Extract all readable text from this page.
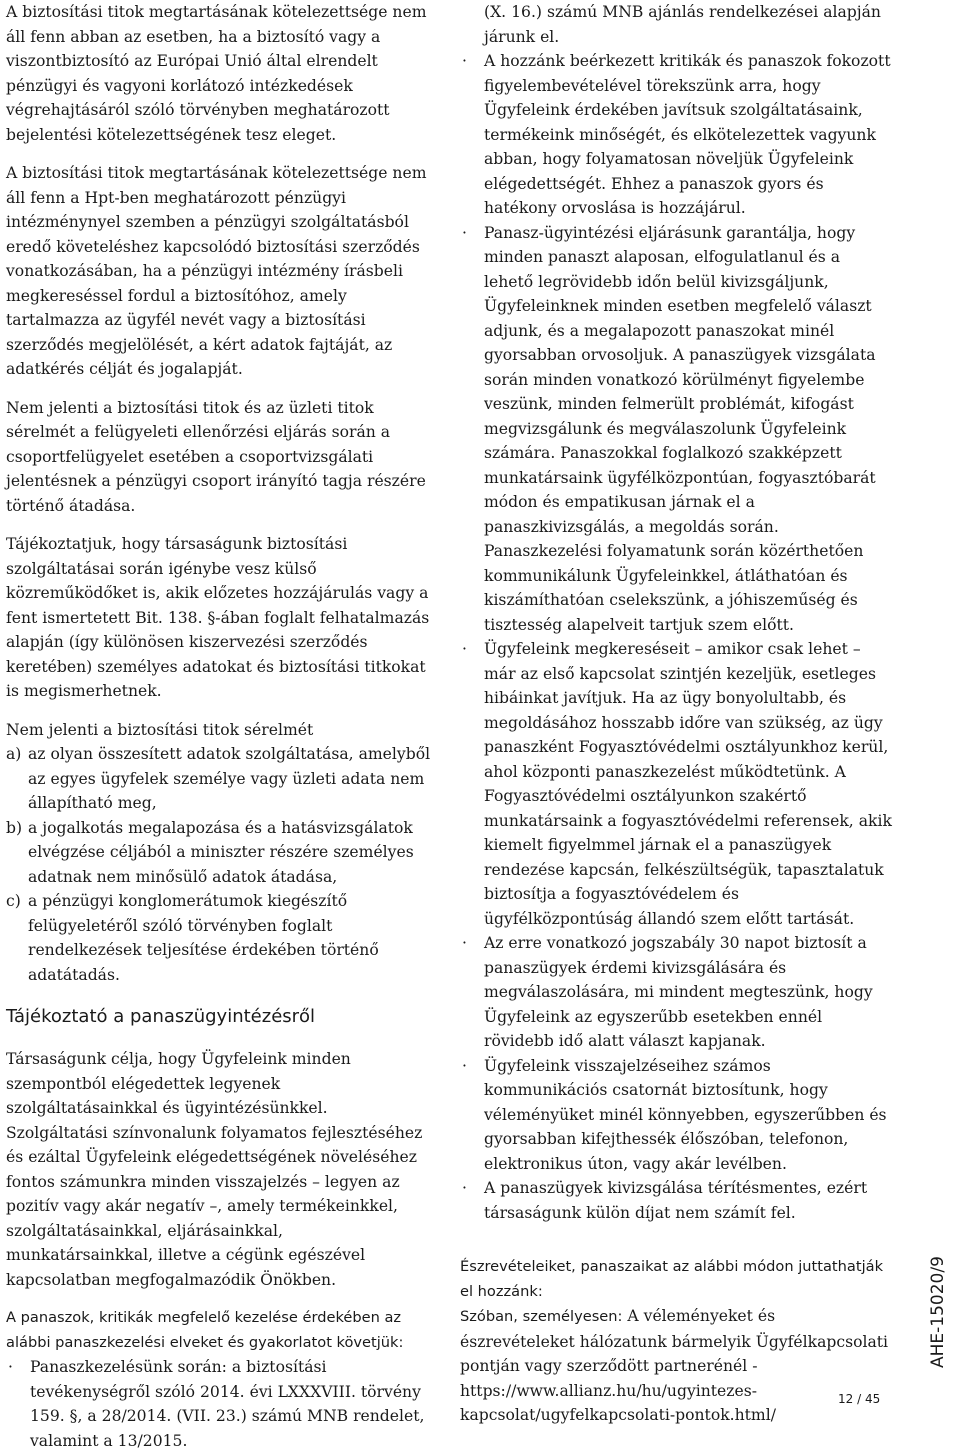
A biztosítási titok megtartásának kötelezettsége nem áll fenn abban az esetben, ha a biztosító vagy a viszontbiztosító az Európai Unió által elrendelt pénzügyi és vagyoni korlátozó intézkedések végrehajtásáról szóló törvényben meghatározott bejelentési kötelezettségének tesz eleget.

A biztosítási titok megtartásának kötelezettsége nem áll fenn a Hpt-ben meghatározott pénzügyi intézménynyel szemben a pénzügyi szolgáltatásból eredő követeléshez kapcsolódó biztosítási szerződés vonatkozásában, ha a pénzügyi intézmény írásbeli megkereséssel fordul a biztosítóhoz, amely tartalmazza az ügyfél nevét vagy a biztosítási szerződés megjelölését, a kért adatok fajtáját, az adatkérés célját és jogalapját.

Nem jelenti a biztosítási titok és az üzleti titok sérelmét a felügyeleti ellenőrzési eljárás során a csoportfelügyelet esetében a csoportvizsgálati jelentésnek a pénzügyi csoport irányító tagja részére történő átadása.

Tájékoztatjuk, hogy társaságunk biztosítási szolgáltatásai során igénybe vesz külső közreműködőket is, akik előzetes hozzájárulás vagy a fent ismertetett Bit. 138. §-ában foglalt felhatalmazás alapján (így különösen kiszervezési szerződés keretében) személyes adatokat és biztosítási titkokat is megismerhetnek.

Nem jelenti a biztosítási titok sérelmét
a) az olyan összesített adatok szolgáltatása, amelyből az egyes ügyfelek személye vagy üzleti adata nem állapítható meg,
b) a jogalkotás megalapozása és a hatásvizsgálatok elvégzése céljából a miniszter részére személyes adatnak nem minősülő adatok átadása,
c) a pénzügyi konglomerátumok kiegészítő felügyeletéről szóló törvényben foglalt rendelkezések teljesítése érdekében történő adatátadás.
Tájékoztató a panaszügyintézésről

Társaságunk célja, hogy Ügyfeleink minden szempontból elégedettek legyenek szolgáltatásainkkal és ügyintézésünkkel. Szolgáltatási színvonalunk folyamatos fejlesztéséhez és ezáltal Ügyfeleink elégedettségének növeléséhez fontos számunkra minden visszajelzés – legyen az pozitív vagy akár negatív –, amely termékeinkkel, szolgáltatásainkkal, eljárásainkkal, munkatársainkkal, illetve a cégünk egészével kapcsolatban megfogalmazódik Önökben.

A panaszok, kritikák megfelelő kezelése érdekében az alábbi panaszkezelési elveket és gyakorlatot követjük:
· Panaszkezelésünk során: a biztosítási tevékenységről szóló 2014. évi LXXXVIII. törvény 159. §, a 28/2014. (VII. 23.) számú MNB rendelet, valamint a 13/2015.
(X. 16.) számú MNB ajánlás rendelkezései alapján járunk el.
· A hozzánk beérkezett kritikák és panaszok fokozott figyelembevételével törekszünk arra, hogy Ügyfeleink érdekében javítsuk szolgáltatásaink, termékeink minőségét, és elkötelezettek vagyunk abban, hogy folyamatosan növeljük Ügyfeleink elégedettségét. Ehhez a panaszok gyors és hatékony orvoslása is hozzájárul.
· Panasz-ügyintézési eljárásunk garantálja, hogy minden panaszt alaposan, elfogulatlanul és a lehető legrövidebb időn belül kivizsgáljunk, Ügyfeleinknek minden esetben megfelelő választ adjunk, és a megalapozott panaszokat minél gyorsabban orvosoljuk. A panaszügyek vizsgálata során minden vonatkozó körülményt figyelembe veszünk, minden felmerült problémát, kifogást megvizsgálunk és megválaszolunk Ügyfeleink számára. Panaszokkal foglalkozó szakképzett munkatársaink ügyfélközpontúan, fogyasztóbarát módon és empatikusan járnak el a panaszkivizsgálás, a megoldás során. Panaszkezelési folyamatunk során közérthetően kommunikálunk Ügyfeleinkkel, átláthatóan és kiszámíthatóan cselekszünk, a jóhiszeműség és tisztesség alapelveit tartjuk szem előtt.
· Ügyfeleink megkereséseit – amikor csak lehet – már az első kapcsolat szintjén kezeljük, esetleges hibáinkat javítjuk. Ha az ügy bonyolultabb, és megoldásához hosszabb időre van szükség, az ügy panaszként Fogyasztóvédelmi osztályunkhoz kerül, ahol központi panaszkezelést működtetünk. A Fogyasztóvédelmi osztályunkon szakértő munkatársaink a fogyasztóvédelmi referensek, akik kiemelt figyelmmel járnak el a panaszügyek rendezése kapcsán, felkészültségük, tapasztalatuk biztosítja a fogyasztóvédelem és ügyfélközpontúság állandó szem előtt tartását.
· Az erre vonatkozó jogszabály 30 napot biztosít a panaszügyek érdemi kivizsgálására és megválaszolására, mi mindent megteszünk, hogy Ügyfeleink az egyszerűbb esetekben ennél rövidebb idő alatt választ kapjanak.
· Ügyfeleink visszajelzéseihez számos kommunikációs csatornát biztosítunk, hogy véleményüket minél könnyebben, egyszerűbben és gyorsabban kifejthessék élőszóban, telefonon, elektronikus úton, vagy akár levélben.
· A panaszügyek kivizsgálása térítésmentes, ezért társaságunk külön díjat nem számít fel.
Észrevételeiket, panaszaikat az alábbi módon juttathatják el hozzánk:
Szóban, személyesen: A véleményeket és észrevételeket hálózatunk bármelyik Ügyfélkapcsolati pontján vagy szerződött partnerénél - https://www.allianz.hu/hu/ugyintezes-kapcsolat/ugyfelkapcsolati-pontok.html/
AHE-15020/9
12 / 45
